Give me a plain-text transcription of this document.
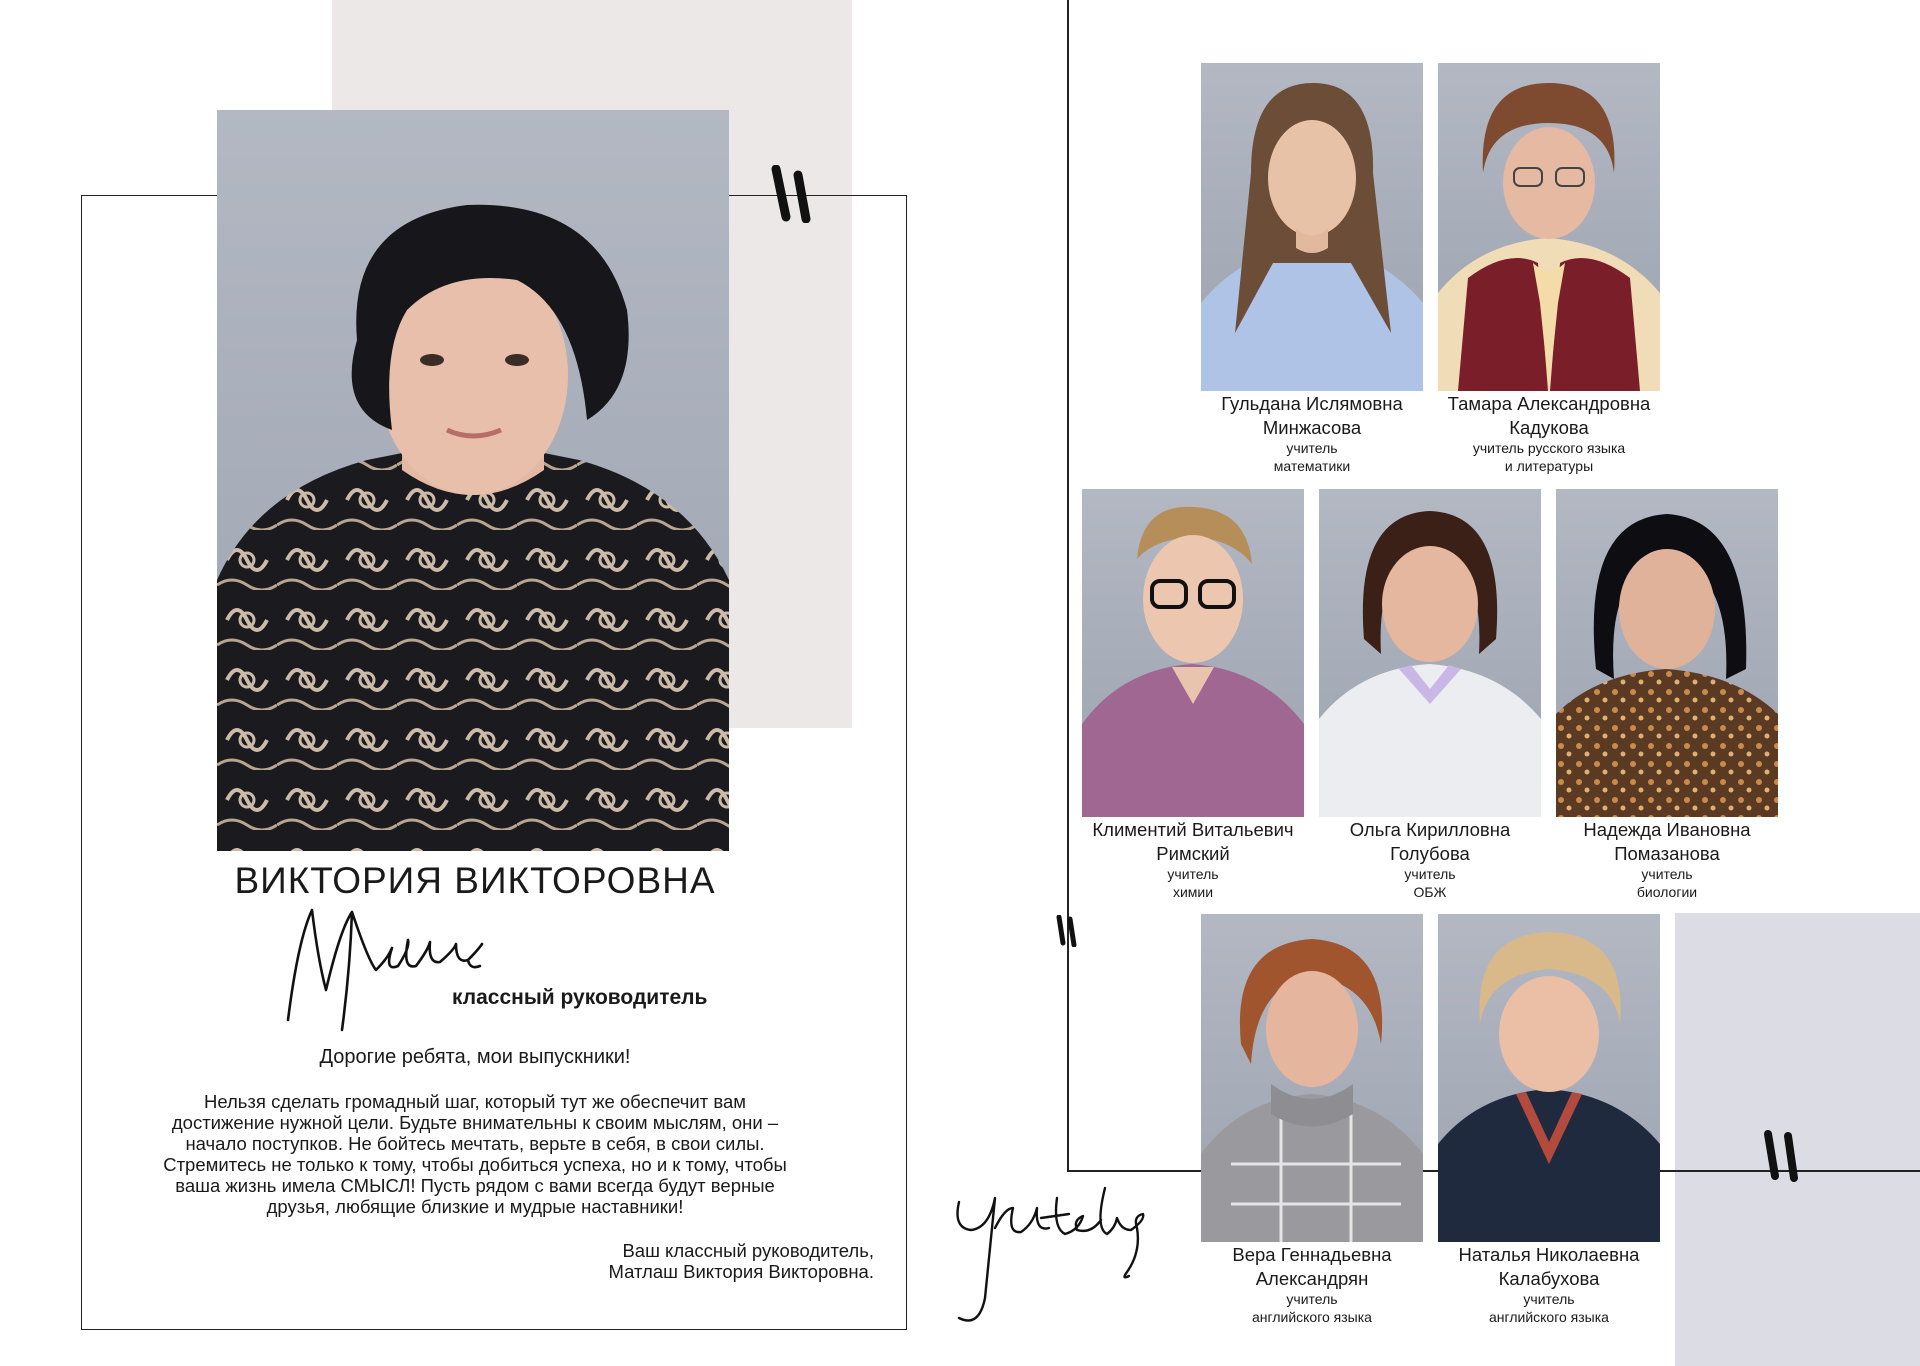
ВИКТОРИЯ ВИКТОРОВНА
классный руководитель
Дорогие ребята, мои выпускники!
Нельзя сделать громадный шаг, который тут же обеспечит вам
достижение нужной цели. Будьте внимательны к своим мыслям, они –
начало поступков. Не бойтесь мечтать, верьте в себя, в свои силы.
Стремитесь не только к тому, чтобы добиться успеха, но и к тому, чтобы
ваша жизнь имела СМЫСЛ! Пусть рядом с вами всегда будут верные
друзья, любящие близкие и мудрые наставники!
Ваш классный руководитель,
Матлаш Виктория Викторовна.
Гульдана Ислямовна
Минжасова
учитель
математики
Тамара Александровна
Кадукова
учитель русского языка
и литературы
Климентий Витальевич
Римский
учитель
химии
Ольга Кирилловна
Голубова
учитель
ОБЖ
Надежда Ивановна
Помазанова
учитель
биологии
Вера Геннадьевна
Александрян
учитель
английского языка
Наталья Николаевна
Калабухова
учитель
английского языка
